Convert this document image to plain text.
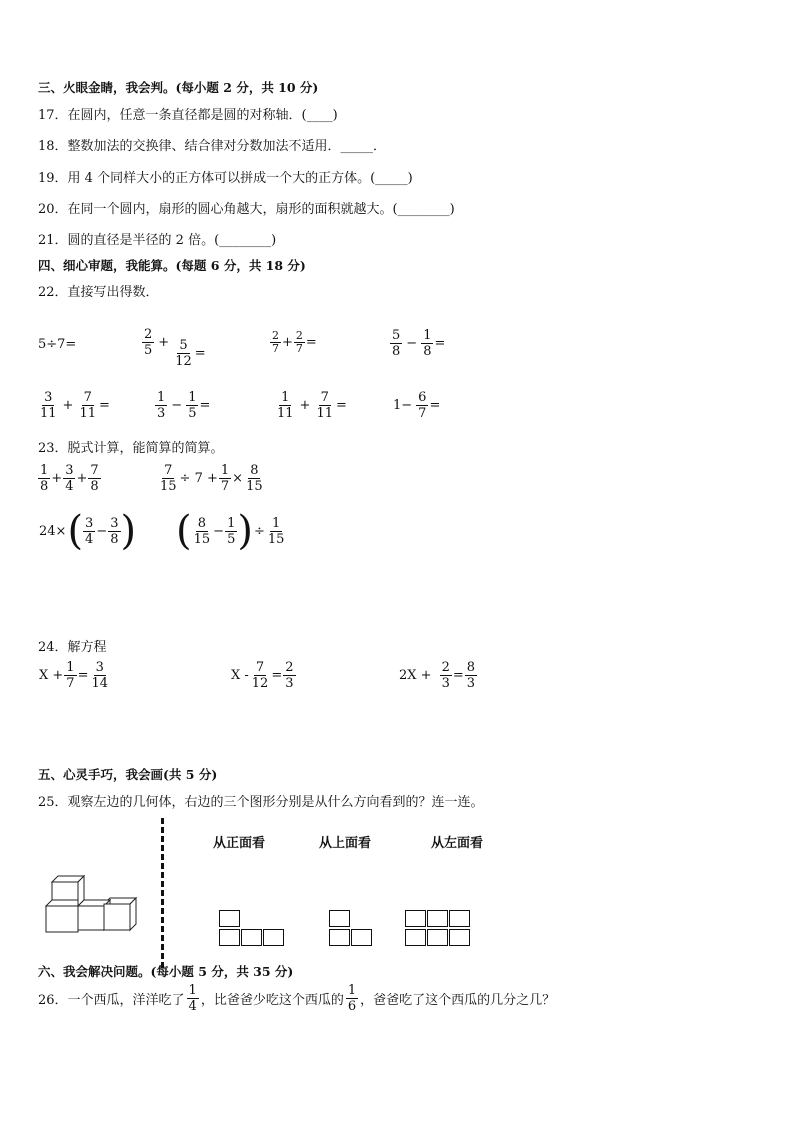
三、火眼金睛，我会判。(每小题 2 分，共 10 分)
17．在圆内，任意一条直径都是圆的对称轴．(____)
18．整数加法的交换律、结合律对分数加法不适用．_____．
19．用 4 个同样大小的正方体可以拼成一个大的正方体。(_____)
20．在同一个圆内，扇形的圆心角越大，扇形的面积就越大。(________)
21．圆的直径是半径的 2 倍。(________)
四、细心审题，我能算。(每题 6 分，共 18 分)
22．直接写出得数．
5÷7=	$\frac{2}{5} + \frac{5}{12}$ =	$\frac{2}{7} + \frac{2}{7}$ =	$\frac{5}{8} - \frac{1}{8}$ =
$\frac{3}{11} + \frac{7}{11}$ =	$\frac{1}{3} - \frac{1}{5}$ =	$\frac{1}{11} + \frac{7}{11}$ =	$1- \frac{6}{7}$ =
23．脱式计算，能简算的简算。
$\frac{1}{8} + \frac{3}{4} + \frac{7}{8}$	$\frac{7}{15} \div 7 + \frac{1}{7} \times \frac{8}{15}$
24× ( $\frac{3}{4} - \frac{3}{8}$ ) ( $\frac{8}{15} - \frac{1}{5}$ ) ÷ $\frac{1}{15}$
24．解方程
$X + \frac{1}{7} = \frac{3}{14}$	$X - \frac{7}{12} = \frac{2}{3}$	$2X + \frac{2}{3} = \frac{8}{3}$
五、心灵手巧，我会画(共 5 分)
25．观察左边的几何体，右边的三个图形分别是从什么方向看到的？连一连。
从正面看	从上面看	从左面看
六、我会解决问题。(每小题 5 分，共 35 分)
26．一个西瓜，洋洋吃了 $\frac{1}{4}$ ，比爸爸少吃这个西瓜的 $\frac{1}{6}$ ，爸爸吃了这个西瓜的几分之几？
